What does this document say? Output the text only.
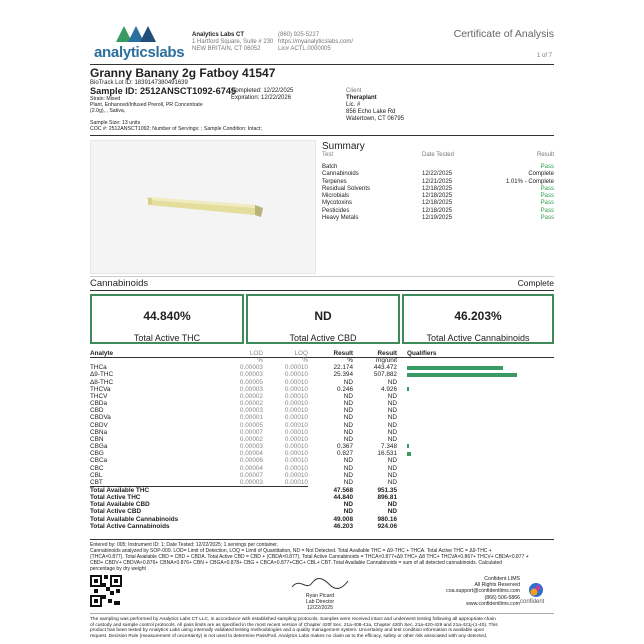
analyticslabs
Analytics Labs CT
1 Hartford Square, Suite # 230
NEW BRITAIN, CT 06052
(860) 925-5227
https://myanalyticslabs.com/
Lic# ACTL.0000005
Certificate of Analysis
1 of 7
Granny Banany 2g Fatboy 41547
BioTrack Lot ID: 1839147380491639
Sample ID: 2512ANSCT1092-6745
Strain: Mixed
Plant, Enhanced/Infused Preroll, PR Concentrate
(2.0g), , Sativa,
Completed: 12/22/2025
Expiration: 12/22/2026
Client
Theraplant
Lic. #
856 Echo Lake Rd
Watertown, CT 06795
Sample Size: 13 units
COC #: 2512ANSCT1092; Number of Servings: ; Sample Condition: Intact;
Summary
Test	Date Tested	Result
Batch		Pass
Cannabinoids	12/22/2025	Complete
Terpenes	12/21/2025	1.01% - Complete
Residual Solvents	12/18/2025	Pass
Microbials	12/18/2025	Pass
Mycotoxins	12/18/2025	Pass
Pesticides	12/18/2025	Pass
Heavy Metals	12/19/2025	Pass
Cannabinoids	Complete
44.840%
Total Active THC
ND
Total Active CBD
46.203%
Total Active Cannabinoids
Analyte	LOD	LOQ	Result	Result	Qualifiers
	%	%	%	mg/unit	
THCa	0.00003	0.00010	22.174	443.472	
Δ9-THC	0.00003	0.00010	25.394	507.882	
Δ8-THC	0.00005	0.00010	ND	ND	
THCVa	0.00003	0.00010	0.246	4.926	
THCV	0.00002	0.00010	ND	ND	
CBDa	0.00002	0.00010	ND	ND	
CBD	0.00003	0.00010	ND	ND	
CBDVa	0.00001	0.00010	ND	ND	
CBDV	0.00005	0.00010	ND	ND	
CBNa	0.00007	0.00010	ND	ND	
CBN	0.00002	0.00010	ND	ND	
CBGa	0.00003	0.00010	0.367	7.348	
CBG	0.00004	0.00010	0.827	16.531	
CBCa	0.00006	0.00010	ND	ND	
CBC	0.00004	0.00010	ND	ND	
CBL	0.00007	0.00010	ND	ND	
CBT	0.00003	0.00010	ND	ND	
Total Available THC			47.568	951.35	
Total Active THC			44.840	896.81	
Total Available CBD			ND	ND	
Total Active CBD			ND	ND	
Total Available Cannabinoids			49.008	980.16	
Total Active Cannabinoids			46.203	924.06	
Entered by: 005; Instrument ID: 1; Date Tested: 12/22/2025; 1 servings per container.
Cannabinoids analyzed by SOP-009. LOD= Limit of Detection, LOQ = Limit of Quantitation, ND = Not Detected. Total Available THC = Δ9-THC + THCA. Total Active THC = Δ9-THC +
(THCA×0.877). Total Available CBD = CBD + CBDA. Total Active CBD = CBD + (CBDA×0.877). Total Active Cannabinoids = THCA×0.877+Δ9 THC+ Δ8 THC+ THCVA×0.867+ THCV+ CBDA×0.877 +
CBD+ CBDV+ CBDVA×0.876+ CBNA×0.876+ CBN + CBGA×0.878+ CBG + CBCA×0.877+CBC+ CBL+ CBT. Total Available Cannabinoids = sum of all detected cannabinoids. Calculated
percentage by dry weight
Ryan Picard
Lab Director
12/22/2025
Confident LIMS
All Rights Reserved
coa.support@confidentlims.com
(866) 506-5866
www.confidentlims.com confident
The sampling was performed by Analytics Labs CT LLC, in accordance with established sampling protocols. Samples were received intact and underwent testing following all appropriate chain
of custody and sample control protocols. All pass limits are as specified in the most recent version of Chapter 420f Sec. 21a-408-41a, Chapter 420h Sec. 21a-420-429 and 21a-421j-(1-40). This
product has been tested by Analytics Labs using internally validated testing methodologies and a quality management system. Uncertainty and test condition information is available upon
request. Decision Rule (measurement of uncertainty) is not used to determine Pass/Fail. Analytics Labs makes no claim as to the efficacy, safety or other risk associated with any detected,
